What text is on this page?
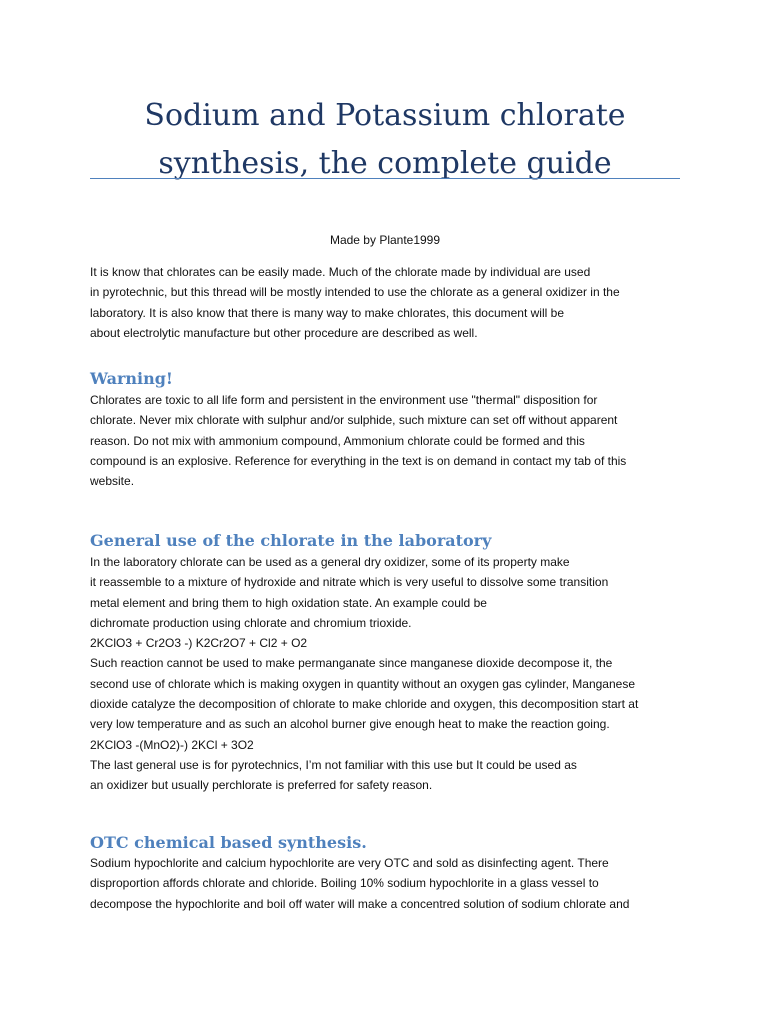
Sodium and Potassium chlorate

synthesis, the complete guide

Made by Plante1999
It is know that chlorates can be easily made. Much of the chlorate made by individual are used
in pyrotechnic, but this thread will be mostly intended to use the chlorate as a general oxidizer in the
laboratory. It is also know that there is many way to make chlorates, this document will be
about electrolytic manufacture but other procedure are described as well.
Warning!
Chlorates are toxic to all life form and persistent in the environment use "thermal" disposition for
chlorate. Never mix chlorate with sulphur and/or sulphide, such mixture can set off without apparent
reason. Do not mix with ammonium compound, Ammonium chlorate could be formed and this
compound is an explosive. Reference for everything in the text is on demand in contact my tab of this
website.
General use of the chlorate in the laboratory
In the laboratory chlorate can be used as a general dry oxidizer, some of its property make
it reassemble to a mixture of hydroxide and nitrate which is very useful to dissolve some transition
metal element and bring them to high oxidation state. An example could be
dichromate production using chlorate and chromium trioxide.
2KClO3 + Cr2O3 -) K2Cr2O7 + Cl2 + O2
Such reaction cannot be used to make permanganate since manganese dioxide decompose it, the
second use of chlorate which is making oxygen in quantity without an oxygen gas cylinder, Manganese
dioxide catalyze the decomposition of chlorate to make chloride and oxygen, this decomposition start at
very low temperature and as such an alcohol burner give enough heat to make the reaction going.
2KClO3 -(MnO2)-) 2KCl + 3O2
The last general use is for pyrotechnics, I’m not familiar with this use but It could be used as
an oxidizer but usually perchlorate is preferred for safety reason.
OTC chemical based synthesis.
Sodium hypochlorite and calcium hypochlorite are very OTC and sold as disinfecting agent. There
disproportion affords chlorate and chloride. Boiling 10% sodium hypochlorite in a glass vessel to
decompose the hypochlorite and boil off water will make a concentred solution of sodium chlorate and
